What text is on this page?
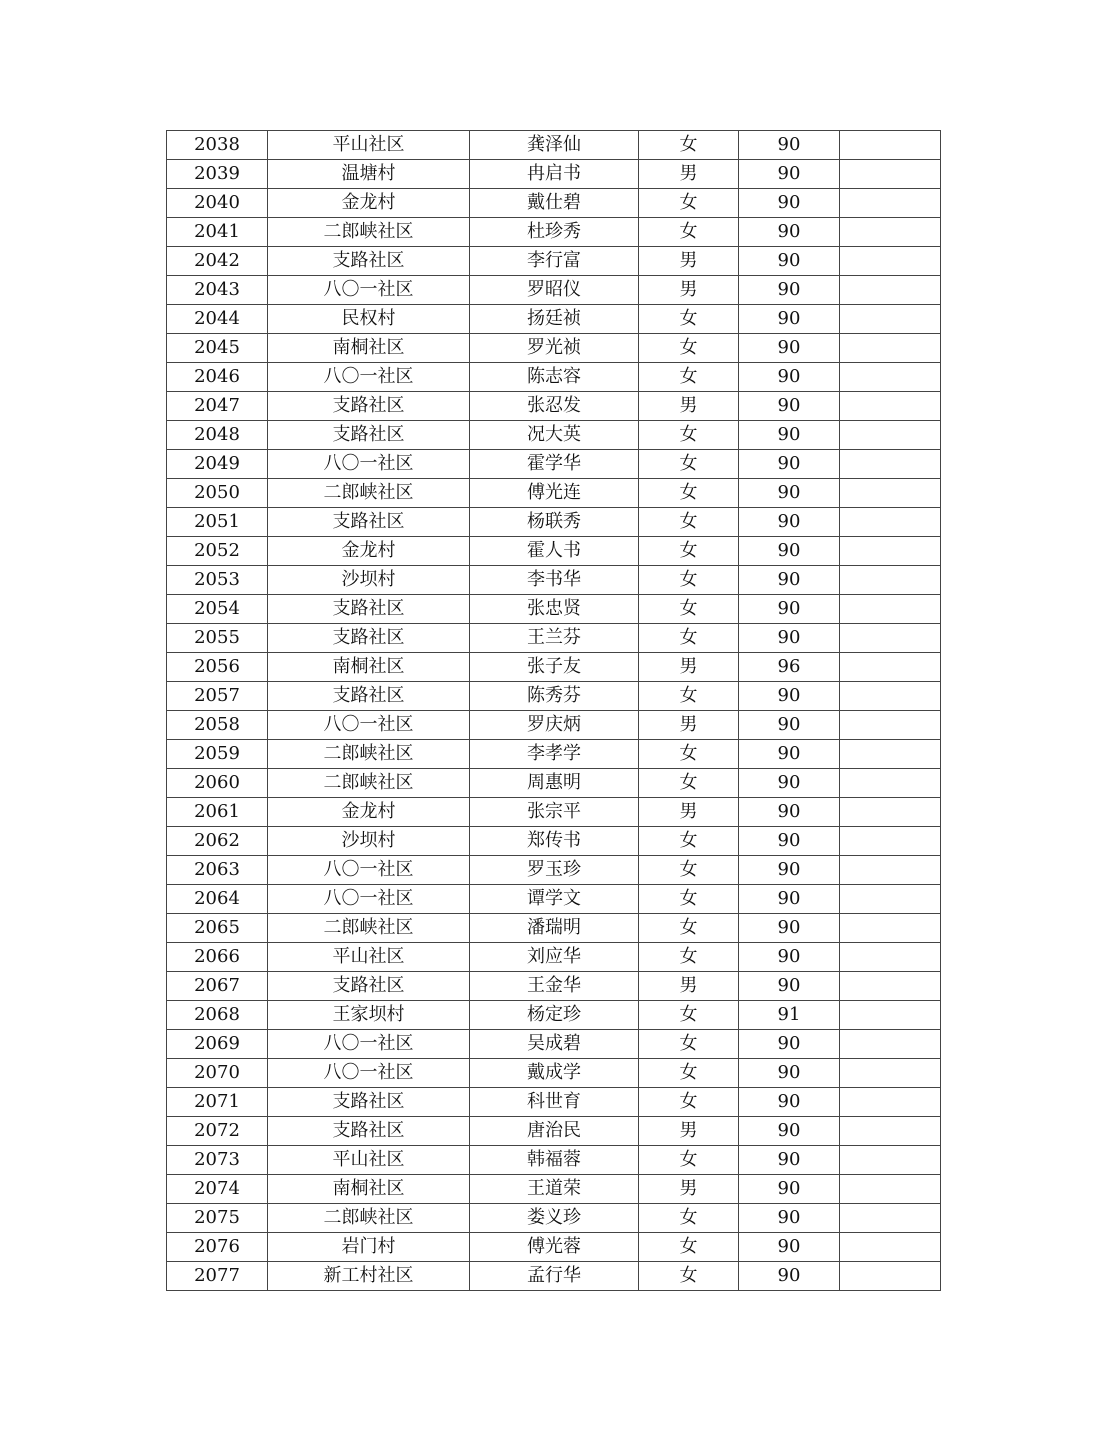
2038	平山社区	龚泽仙	女	90	
2039	温塘村	冉启书	男	90	
2040	金龙村	戴仕碧	女	90	
2041	二郎峡社区	杜珍秀	女	90	
2042	支路社区	李行富	男	90	
2043	八〇一社区	罗昭仪	男	90	
2044	民权村	扬廷祯	女	90	
2045	南桐社区	罗光祯	女	90	
2046	八〇一社区	陈志容	女	90	
2047	支路社区	张忍发	男	90	
2048	支路社区	况大英	女	90	
2049	八〇一社区	霍学华	女	90	
2050	二郎峡社区	傅光连	女	90	
2051	支路社区	杨联秀	女	90	
2052	金龙村	霍人书	女	90	
2053	沙坝村	李书华	女	90	
2054	支路社区	张忠贤	女	90	
2055	支路社区	王兰芬	女	90	
2056	南桐社区	张子友	男	96	
2057	支路社区	陈秀芬	女	90	
2058	八〇一社区	罗庆炳	男	90	
2059	二郎峡社区	李孝学	女	90	
2060	二郎峡社区	周惠明	女	90	
2061	金龙村	张宗平	男	90	
2062	沙坝村	郑传书	女	90	
2063	八〇一社区	罗玉珍	女	90	
2064	八〇一社区	谭学文	女	90	
2065	二郎峡社区	潘瑞明	女	90	
2066	平山社区	刘应华	女	90	
2067	支路社区	王金华	男	90	
2068	王家坝村	杨定珍	女	91	
2069	八〇一社区	吴成碧	女	90	
2070	八〇一社区	戴成学	女	90	
2071	支路社区	科世育	女	90	
2072	支路社区	唐治民	男	90	
2073	平山社区	韩福蓉	女	90	
2074	南桐社区	王道荣	男	90	
2075	二郎峡社区	娄义珍	女	90	
2076	岩门村	傅光蓉	女	90	
2077	新工村社区	孟行华	女	90	
